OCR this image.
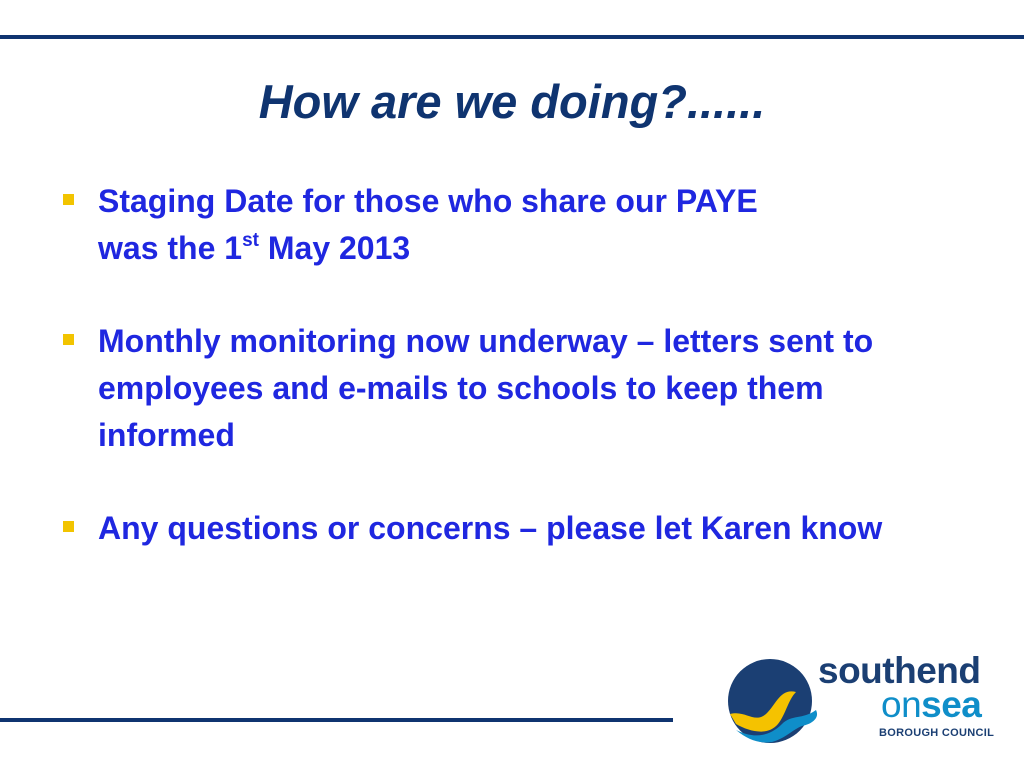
How are we doing?......
Staging Date for those who share our PAYE
was the 1st May 2013
Monthly monitoring now underway – letters sent to employees and e-mails to schools to keep them informed
Any questions or concerns – please let Karen know
southend
onsea
BOROUGH COUNCIL
